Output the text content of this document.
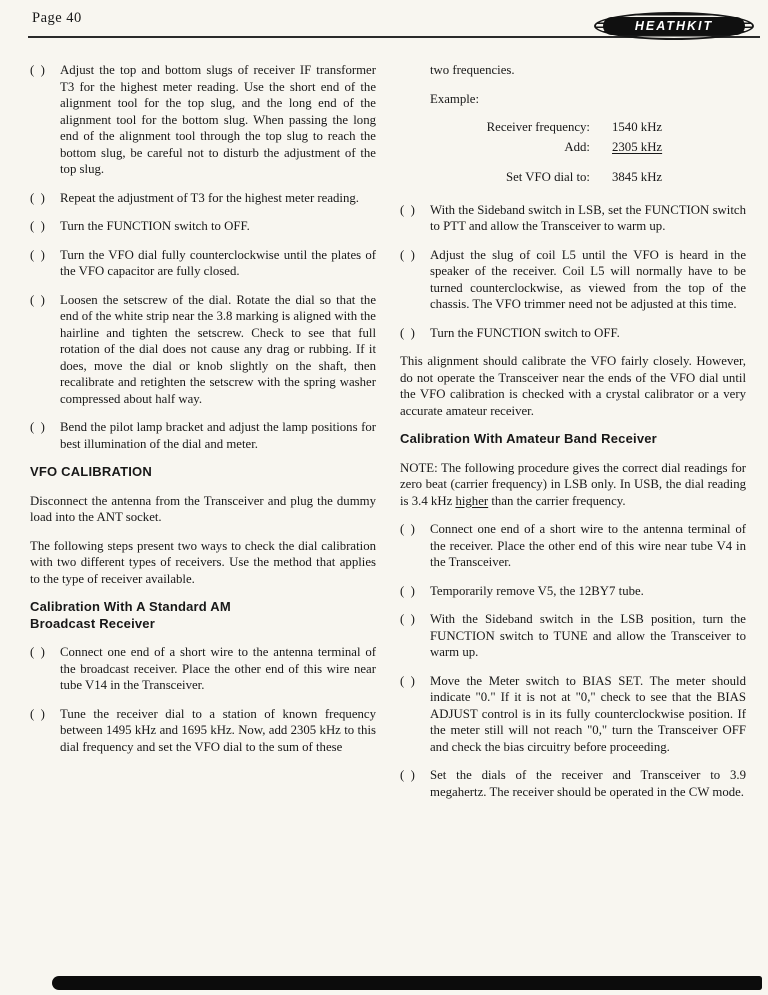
Page 40	HEATHKIT
(  )	Adjust the top and bottom slugs of receiver IF transformer T3 for the highest meter reading. Use the short end of the alignment tool for the top slug, and the long end of the alignment tool for the bottom slug. When passing the long end of the alignment tool through the top slug to reach the bottom slug, be careful not to disturb the adjustment of the top slug.
(  )	Repeat the adjustment of T3 for the highest meter reading.
(  )	Turn the FUNCTION switch to OFF.
(  )	Turn the VFO dial fully counterclockwise until the plates of the VFO capacitor are fully closed.
(  )	Loosen the setscrew of the dial. Rotate the dial so that the end of the white strip near the 3.8 marking is aligned with the hairline and tighten the setscrew. Check to see that full rotation of the dial does not cause any drag or rubbing. If it does, move the dial or knob slightly on the shaft, then recalibrate and retighten the setscrew with the spring washer compressed about half way.
(  )	Bend the pilot lamp bracket and adjust the lamp positions for best illumination of the dial and meter.
VFO CALIBRATION

Disconnect the antenna from the Transceiver and plug the dummy load into the ANT socket.

The following steps present two ways to check the dial calibration with two different types of receivers. Use the method that applies to the type of receiver available.

Calibration With A Standard AM
Broadcast Receiver
(  )	Connect one end of a short wire to the antenna terminal of the broadcast receiver. Place the other end of this wire near tube V14 in the Transceiver.
(  )	Tune the receiver dial to a station of known frequency between 1495 kHz and 1695 kHz. Now, add 2305 kHz to this dial frequency and set the VFO dial to the sum of these

two frequencies.

Example:

Receiver frequency: 1540 kHz
Add: 2305 kHz
Set VFO dial to: 3845 kHz
(  )	With the Sideband switch in LSB, set the FUNCTION switch to PTT and allow the Transceiver to warm up.
(  )	Adjust the slug of coil L5 until the VFO is heard in the speaker of the receiver. Coil L5 will normally have to be turned counterclockwise, as viewed from the top of the chassis. The VFO trimmer need not be adjusted at this time.
(  )	Turn the FUNCTION switch to OFF.

This alignment should calibrate the VFO fairly closely. However, do not operate the Transceiver near the ends of the VFO dial until the VFO calibration is checked with a crystal calibrator or a very accurate amateur receiver.

Calibration With Amateur Band Receiver

NOTE: The following procedure gives the correct dial readings for zero beat (carrier frequency) in LSB only. In USB, the dial reading is 3.4 kHz higher than the carrier frequency.

(  )	Connect one end of a short wire to the antenna terminal of the receiver. Place the other end of this wire near tube V4 in the Transceiver.
(  )	Temporarily remove V5, the 12BY7 tube.
(  )	With the Sideband switch in the LSB position, turn the FUNCTION switch to TUNE and allow the Transceiver to warm up.
(  )	Move the Meter switch to BIAS SET. The meter should indicate "0." If it is not at "0," check to see that the BIAS ADJUST control is in its fully counterclockwise position. If the meter still will not reach "0," turn the Transceiver OFF and check the bias circuitry before proceeding.
(  )	Set the dials of the receiver and Transceiver to 3.9 megahertz. The receiver should be operated in the CW mode.
